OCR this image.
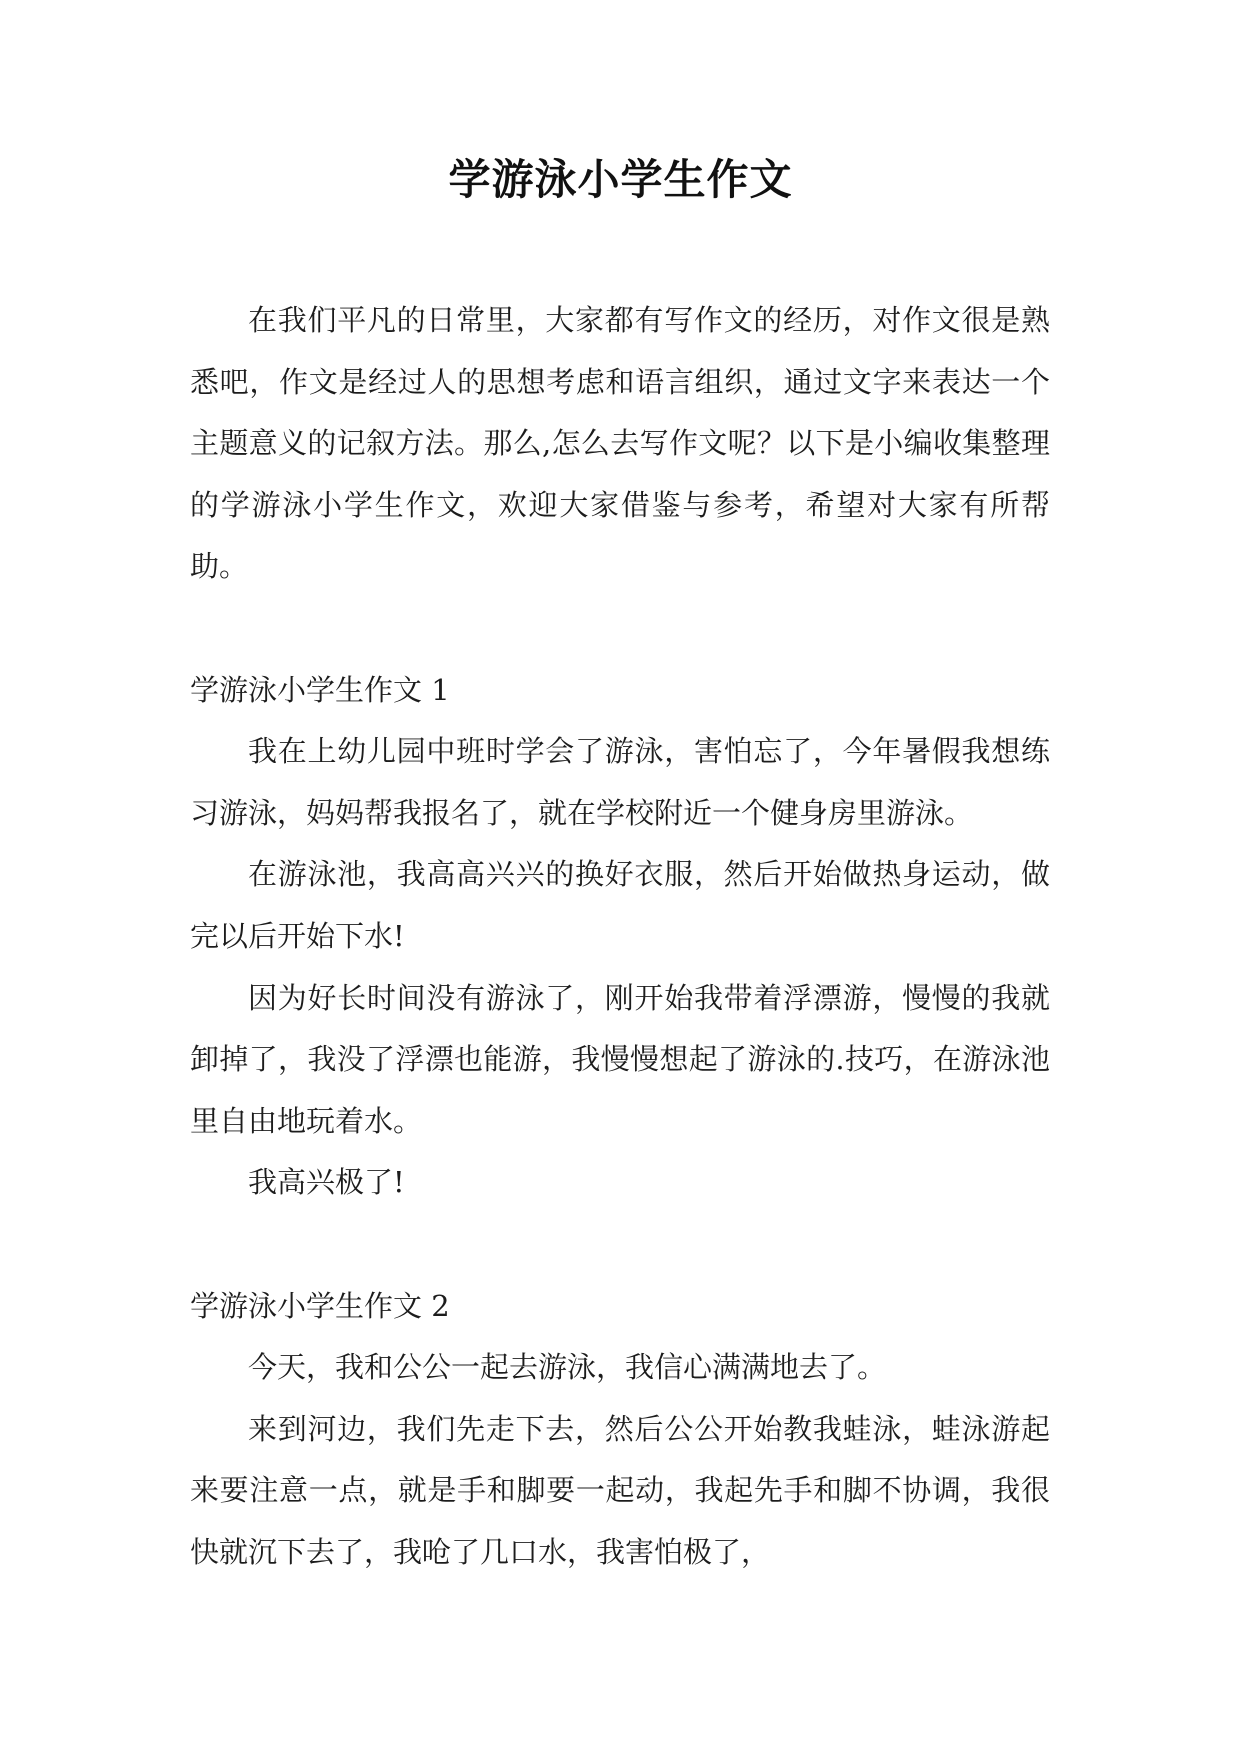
学游泳小学生作文

在我们平凡的日常里，大家都有写作文的经历，对作文很是熟悉吧，作文是经过人的思想考虑和语言组织，通过文字来表达一个主题意义的记叙方法。那么,怎么去写作文呢？以下是小编收集整理的学游泳小学生作文，欢迎大家借鉴与参考，希望对大家有所帮助。

学游泳小学生作文 1

我在上幼儿园中班时学会了游泳，害怕忘了，今年暑假我想练习游泳，妈妈帮我报名了，就在学校附近一个健身房里游泳。

在游泳池，我高高兴兴的换好衣服，然后开始做热身运动，做完以后开始下水!

因为好长时间没有游泳了，刚开始我带着浮漂游，慢慢的我就卸掉了，我没了浮漂也能游，我慢慢想起了游泳的.技巧，在游泳池里自由地玩着水。

我高兴极了!

学游泳小学生作文 2

今天，我和公公一起去游泳，我信心满满地去了。

来到河边，我们先走下去，然后公公开始教我蛙泳，蛙泳游起来要注意一点，就是手和脚要一起动，我起先手和脚不协调，我很快就沉下去了，我呛了几口水，我害怕极了，
